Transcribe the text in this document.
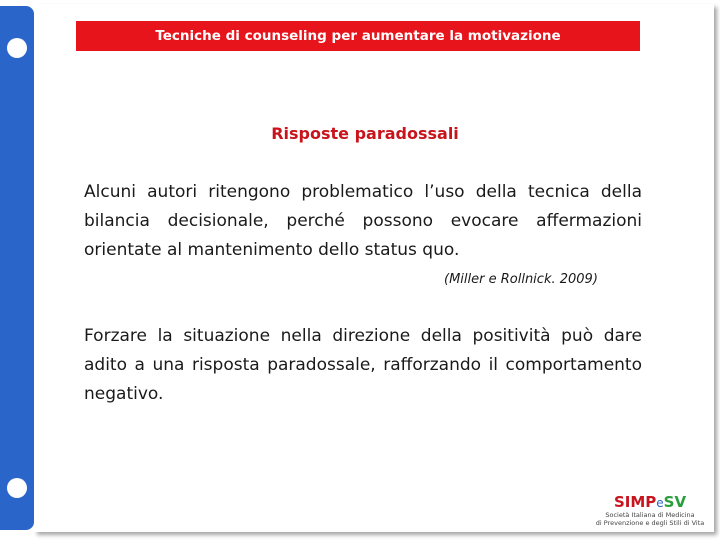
Tecniche di counseling per aumentare la motivazione
Risposte paradossali
Alcuni autori ritengono problematico l’uso della tecnica della bilancia decisionale, perché possono evocare affermazioni orientate al mantenimento dello status quo.
(Miller e Rollnick. 2009)
Forzare la situazione nella direzione della positività può dare adito a una risposta paradossale, rafforzando il comportamento negativo.
SIMPeSV
Società Italiana di Medicina
di Prevenzione e degli Stili di Vita
